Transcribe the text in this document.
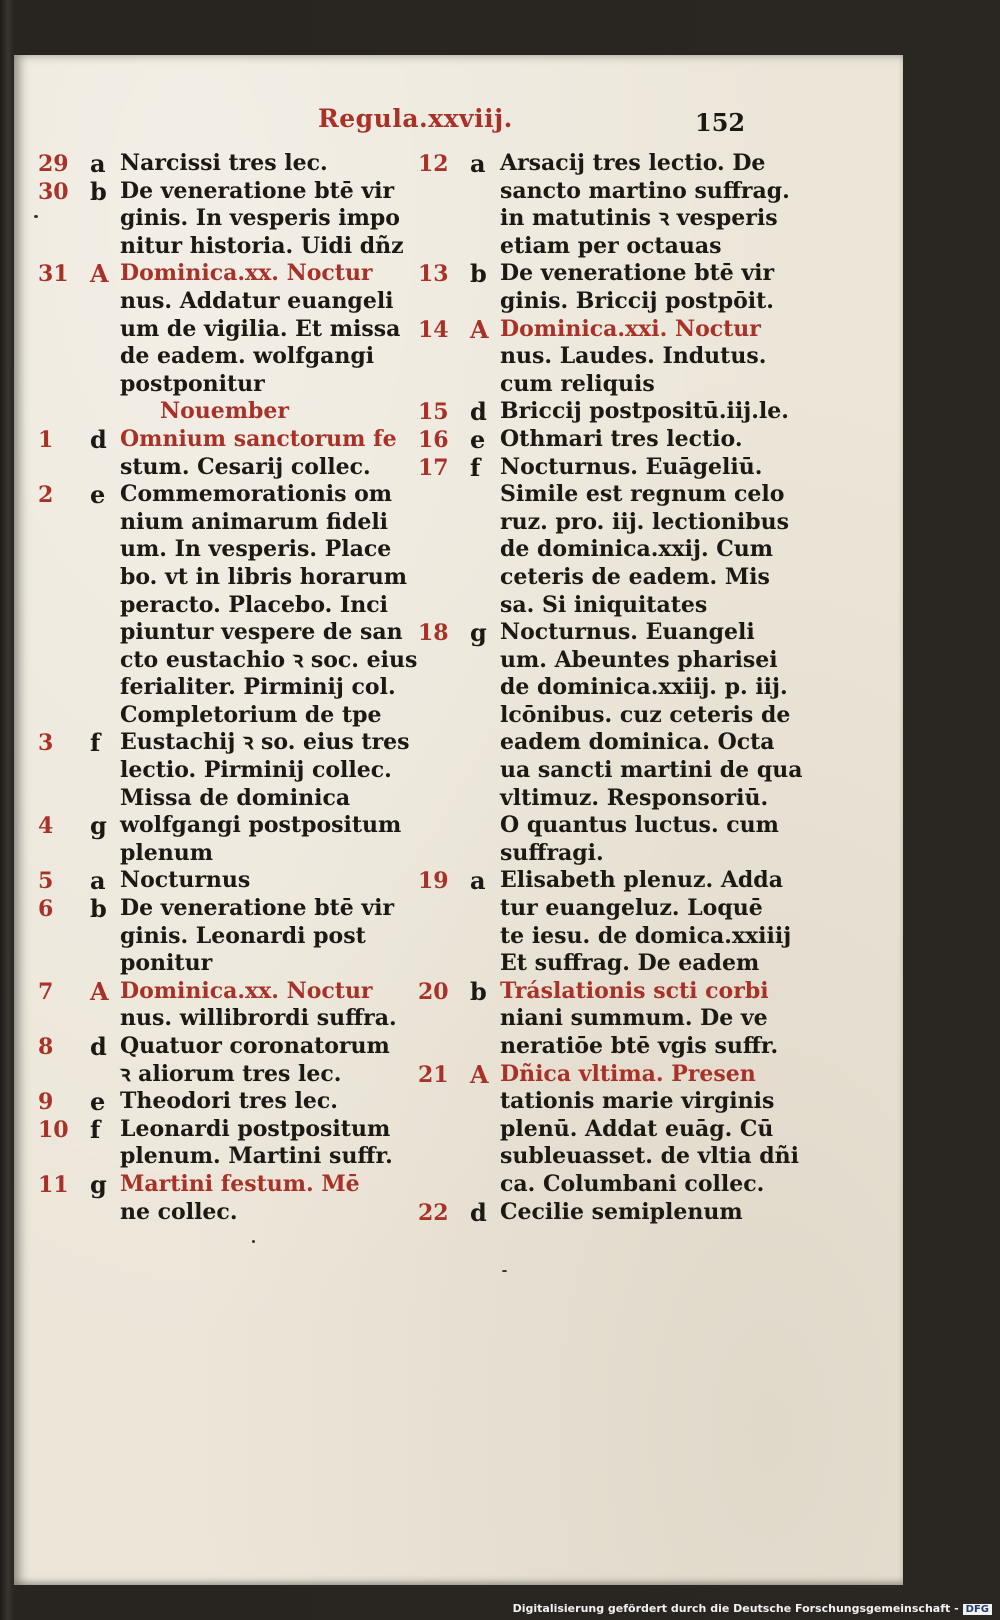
Regula.xxviij.	152
29 a Narcissi tres lec.
30 b De veneratione btē vir
ginis. In vesperis impo
nitur historia. Uidi dñz
31 A Dominica.xx. Noctur
nus. Addatur euangeli
um de vigilia. Et missa
de eadem. wolfgangi
postponitur
Nouember
1	d Omnium sanctorum fe
stum. Cesarij collec.
2	e Commemorationis om
nium animarum fideli
um. In vesperis. Place
bo. vt in libris horarum
peracto. Placebo. Inci
piuntur vespere de san
cto eustachio ꝛ soc. eius
ferialiter. Pirminij col.
Completorium de tpe
3	f Eustachij ꝛ so. eius tres
lectio. Pirminij collec.
Missa de dominica
4	g wolfgangi postpositum
plenum
5	a Nocturnus
6	b De veneratione btē vir
ginis. Leonardi post
ponitur
7	A Dominica.xx. Noctur
nus. willibrordi suffra.
8	d Quatuor coronatorum
ꝛ aliorum tres lec.
9	e Theodori tres lec.
10 f Leonardi postpositum
plenum. Martini suffr.
11 g Martini festum. Mē
ne collec.
12 a Arsacij tres lectio. De
sancto martino suffrag.
in matutinis ꝛ vesperis
etiam per octauas
13 b De veneratione btē vir
ginis. Briccij postpōit.
14 A Dominica.xxi. Noctur
nus. Laudes. Indutus.
cum reliquis
15 d Briccij postpositū.iij.le.
16 e Othmari tres lectio.
17 f Nocturnus. Euāgeliū.
Simile est regnum celo
ruz. pro. iij. lectionibus
de dominica.xxij. Cum
ceteris de eadem. Mis
sa. Si iniquitates
18 g Nocturnus. Euangeli
um. Abeuntes pharisei
de dominica.xxiij. p. iij.
lcōnibus. cuz ceteris de
eadem dominica. Octa
ua sancti martini de qua
vltimuz. Responsoriū.
O quantus luctus. cum
suffragi.
19 a Elisabeth plenuz. Adda
tur euangeluz. Loquē
te iesu. de domica.xxiiij
Et suffrag. De eadem
20 b Tráslationis scti corbi
niani summum. De ve
neratiōe btē vgis suffr.
21 A Dñica vltima. Presen
tationis marie virginis
plenū. Addat euāg. Cū
subleuasset. de vltia dñi
ca. Columbani collec.
22 d Cecilie semiplenum
Digitalisierung gefördert durch die Deutsche Forschungsgemeinschaft - DFG
